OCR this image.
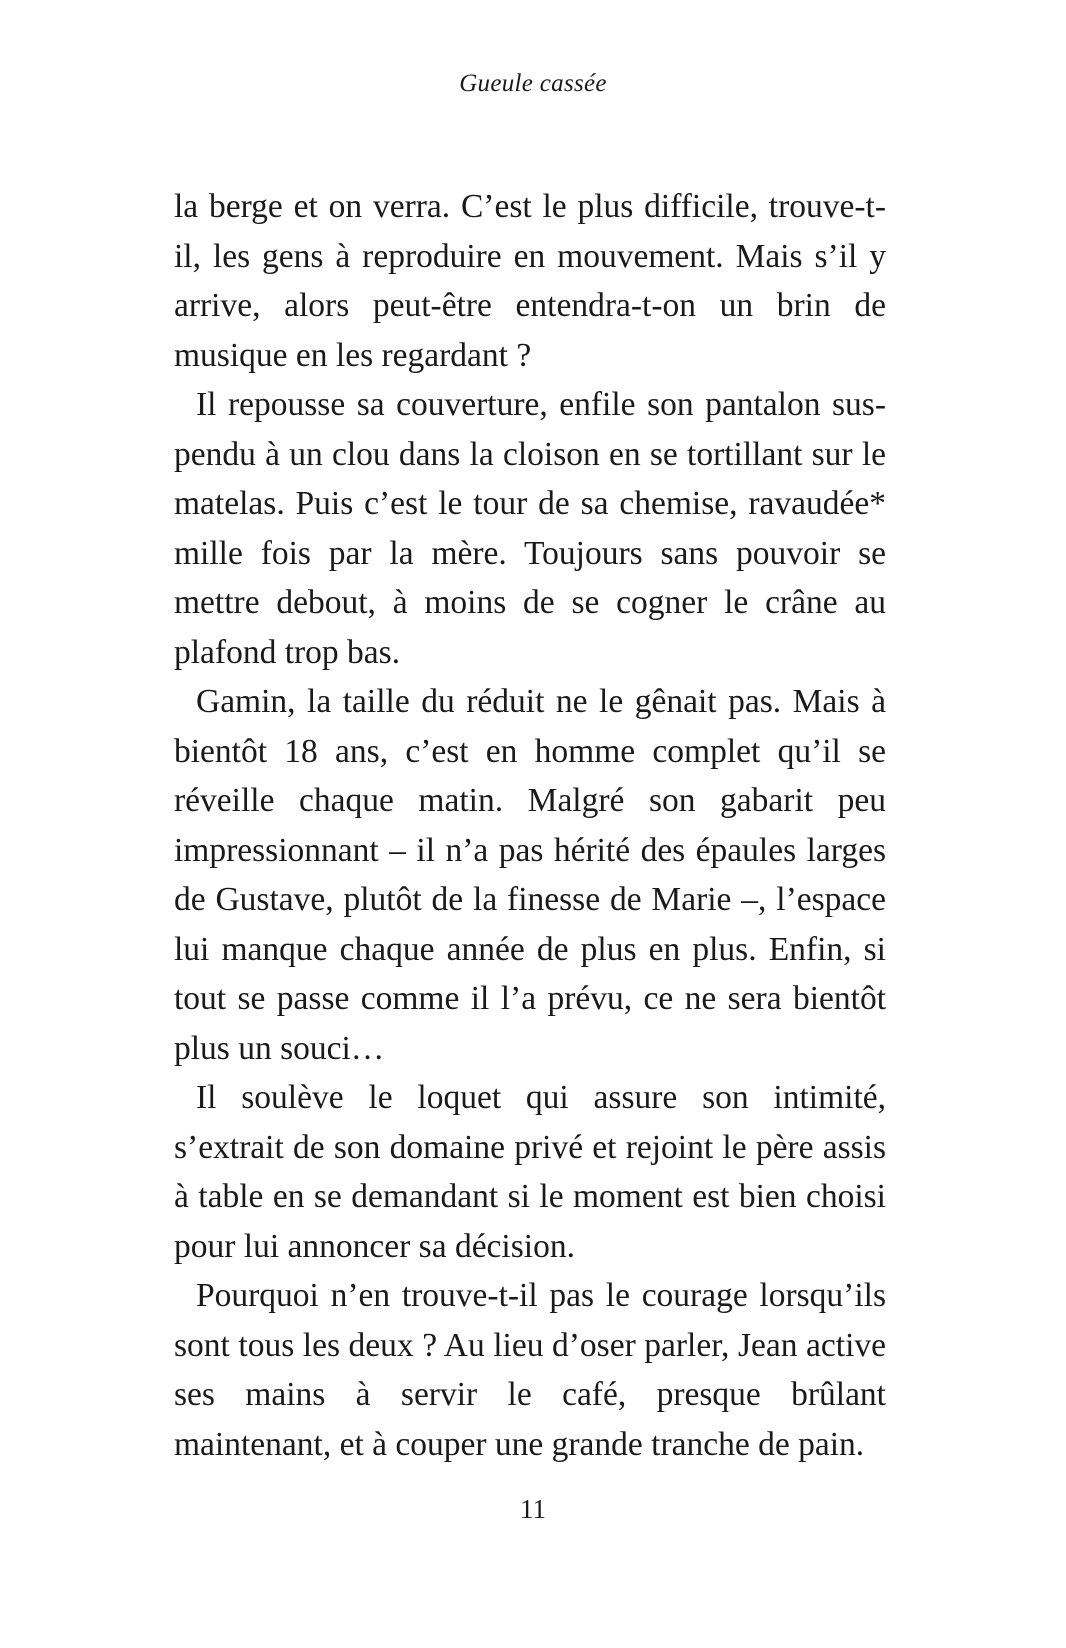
Gueule cassée

la berge et on verra. C’est le plus difficile, trouve-t-il, les gens à reproduire en mouvement. Mais s’il y arrive, alors peut-être entendra-t-on un brin de musique en les regardant ?

Il repousse sa couverture, enfile son pantalon suspendu à un clou dans la cloison en se tortillant sur le matelas. Puis c’est le tour de sa chemise, ravaudée* mille fois par la mère. Toujours sans pouvoir se mettre debout, à moins de se cogner le crâne au plafond trop bas.

Gamin, la taille du réduit ne le gênait pas. Mais à bientôt 18 ans, c’est en homme complet qu’il se réveille chaque matin. Malgré son gabarit peu impressionnant – il n’a pas hérité des épaules larges de Gustave, plutôt de la finesse de Marie –, l’espace lui manque chaque année de plus en plus. Enfin, si tout se passe comme il l’a prévu, ce ne sera bientôt plus un souci…

Il soulève le loquet qui assure son intimité, s’extrait de son domaine privé et rejoint le père assis à table en se demandant si le moment est bien choisi pour lui annoncer sa décision.

Pourquoi n’en trouve-t-il pas le courage lorsqu’ils sont tous les deux ? Au lieu d’oser parler, Jean active ses mains à servir le café, presque brûlant maintenant, et à couper une grande tranche de pain.

11
